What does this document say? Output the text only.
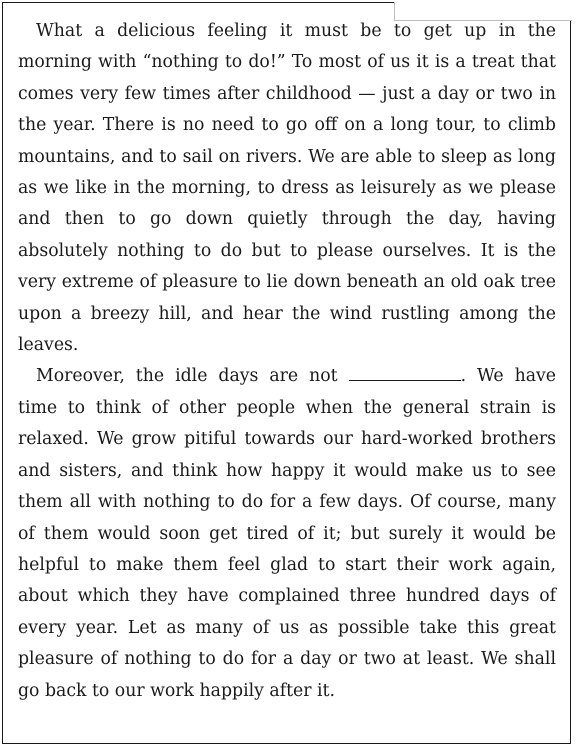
What a delicious feeling it must be to get up in the morning with “nothing to do!” To most of us it is a treat that comes very few times after childhood — just a day or two in the year. There is no need to go off on a long tour, to climb mountains, and to sail on rivers. We are able to sleep as long as we like in the morning, to dress as leisurely as we please and then to go down quietly through the day, having absolutely nothing to do but to please ourselves. It is the very extreme of pleasure to lie down beneath an old oak tree upon a breezy hill, and hear the wind rustling among the leaves.

Moreover, the idle days are not	. We have time to think of other people when the general strain is relaxed. We grow pitiful towards our hard-worked brothers and sisters, and think how happy it would make us to see them all with nothing to do for a few days. Of course, many of them would soon get tired of it; but surely it would be helpful to make them feel glad to start their work again, about which they have complained three hundred days of every year. Let as many of us as possible take this great pleasure of nothing to do for a day or two at least. We shall go back to our work happily after it.
